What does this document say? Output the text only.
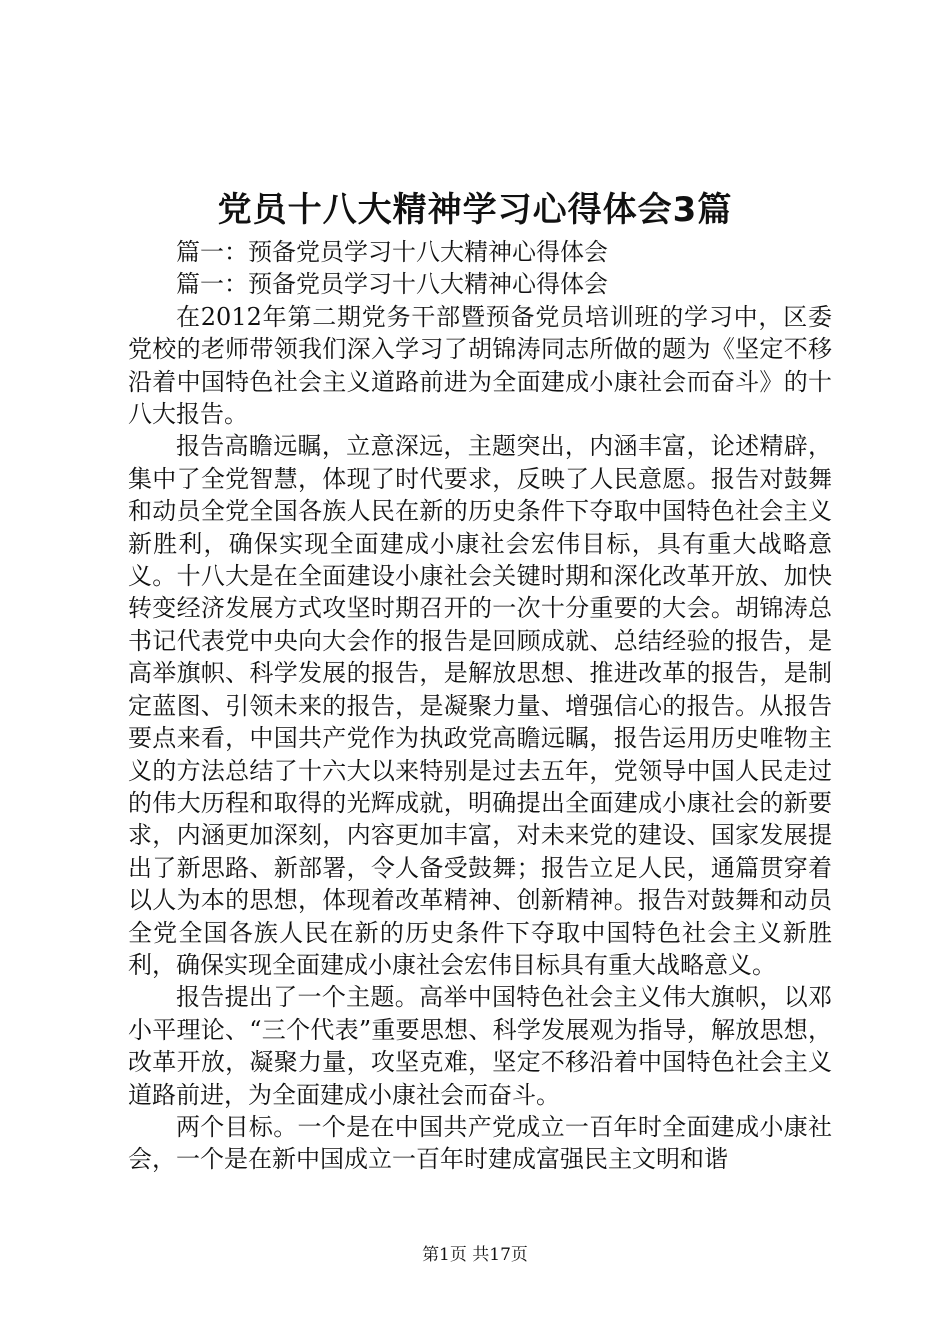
党员十八大精神学习心得体会3篇

篇一：预备党员学习十八大精神心得体会

篇一：预备党员学习十八大精神心得体会

在2012年第二期党务干部暨预备党员培训班的学习中，区委党校的老师带领我们深入学习了胡锦涛同志所做的题为《坚定不移沿着中国特色社会主义道路前进为全面建成小康社会而奋斗》的十八大报告。

报告高瞻远瞩，立意深远，主题突出，内涵丰富，论述精辟，集中了全党智慧，体现了时代要求，反映了人民意愿。报告对鼓舞和动员全党全国各族人民在新的历史条件下夺取中国特色社会主义新胜利，确保实现全面建成小康社会宏伟目标，具有重大战略意义。十八大是在全面建设小康社会关键时期和深化改革开放、加快转变经济发展方式攻坚时期召开的一次十分重要的大会。胡锦涛总书记代表党中央向大会作的报告是回顾成就、总结经验的报告，是高举旗帜、科学发展的报告，是解放思想、推进改革的报告，是制定蓝图、引领未来的报告，是凝聚力量、增强信心的报告。从报告要点来看，中国共产党作为执政党高瞻远瞩，报告运用历史唯物主义的方法总结了十六大以来特别是过去五年，党领导中国人民走过的伟大历程和取得的光辉成就，明确提出全面建成小康社会的新要求，内涵更加深刻，内容更加丰富，对未来党的建设、国家发展提出了新思路、新部署，令人备受鼓舞；报告立足人民，通篇贯穿着以人为本的思想，体现着改革精神、创新精神。报告对鼓舞和动员全党全国各族人民在新的历史条件下夺取中国特色社会主义新胜利，确保实现全面建成小康社会宏伟目标具有重大战略意义。

报告提出了一个主题。高举中国特色社会主义伟大旗帜，以邓小平理论、“三个代表”重要思想、科学发展观为指导，解放思想，改革开放，凝聚力量，攻坚克难，坚定不移沿着中国特色社会主义道路前进，为全面建成小康社会而奋斗。

两个目标。一个是在中国共产党成立一百年时全面建成小康社会，一个是在新中国成立一百年时建成富强民主文明和谐

第1页 共17页
